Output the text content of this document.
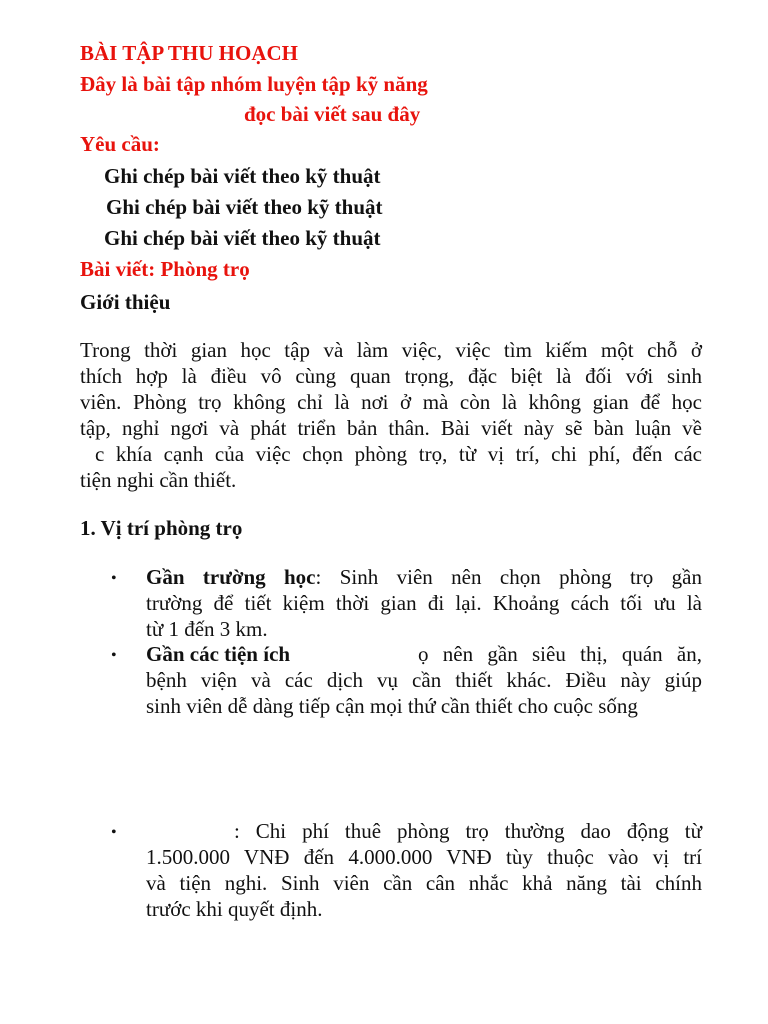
BÀI TẬP THU HOẠCH
Đây là bài tập nhóm luyện tập kỹ năng
đọc bài viết sau đây
Yêu cầu:
Ghi chép bài viết theo kỹ thuật
Ghi chép bài viết theo kỹ thuật
Ghi chép bài viết theo kỹ thuật
Bài viết: Phòng trọ
Giới thiệu
Trong thời gian học tập và làm việc, việc tìm kiếm một chỗ ở
thích hợp là điều vô cùng quan trọng, đặc biệt là đối với sinh
viên. Phòng trọ không chỉ là nơi ở mà còn là không gian để học
tập, nghỉ ngơi và phát triển bản thân. Bài viết này sẽ bàn luận về
c khía cạnh của việc chọn phòng trọ, từ vị trí, chi phí, đến các
tiện nghi cần thiết.
1. Vị trí phòng trọ
• Gần trường học: Sinh viên nên chọn phòng trọ gần
trường để tiết kiệm thời gian đi lại. Khoảng cách tối ưu là
từ 1 đến 3 km.
• Gần các tiện ích	ọ nên gần siêu thị, quán ăn,
bệnh viện và các dịch vụ cần thiết khác. Điều này giúp
sinh viên dễ dàng tiếp cận mọi thứ cần thiết cho cuộc sống
•	: Chi phí thuê phòng trọ thường dao động từ
1.500.000 VNĐ đến 4.000.000 VNĐ tùy thuộc vào vị trí
và tiện nghi. Sinh viên cần cân nhắc khả năng tài chính
trước khi quyết định.
